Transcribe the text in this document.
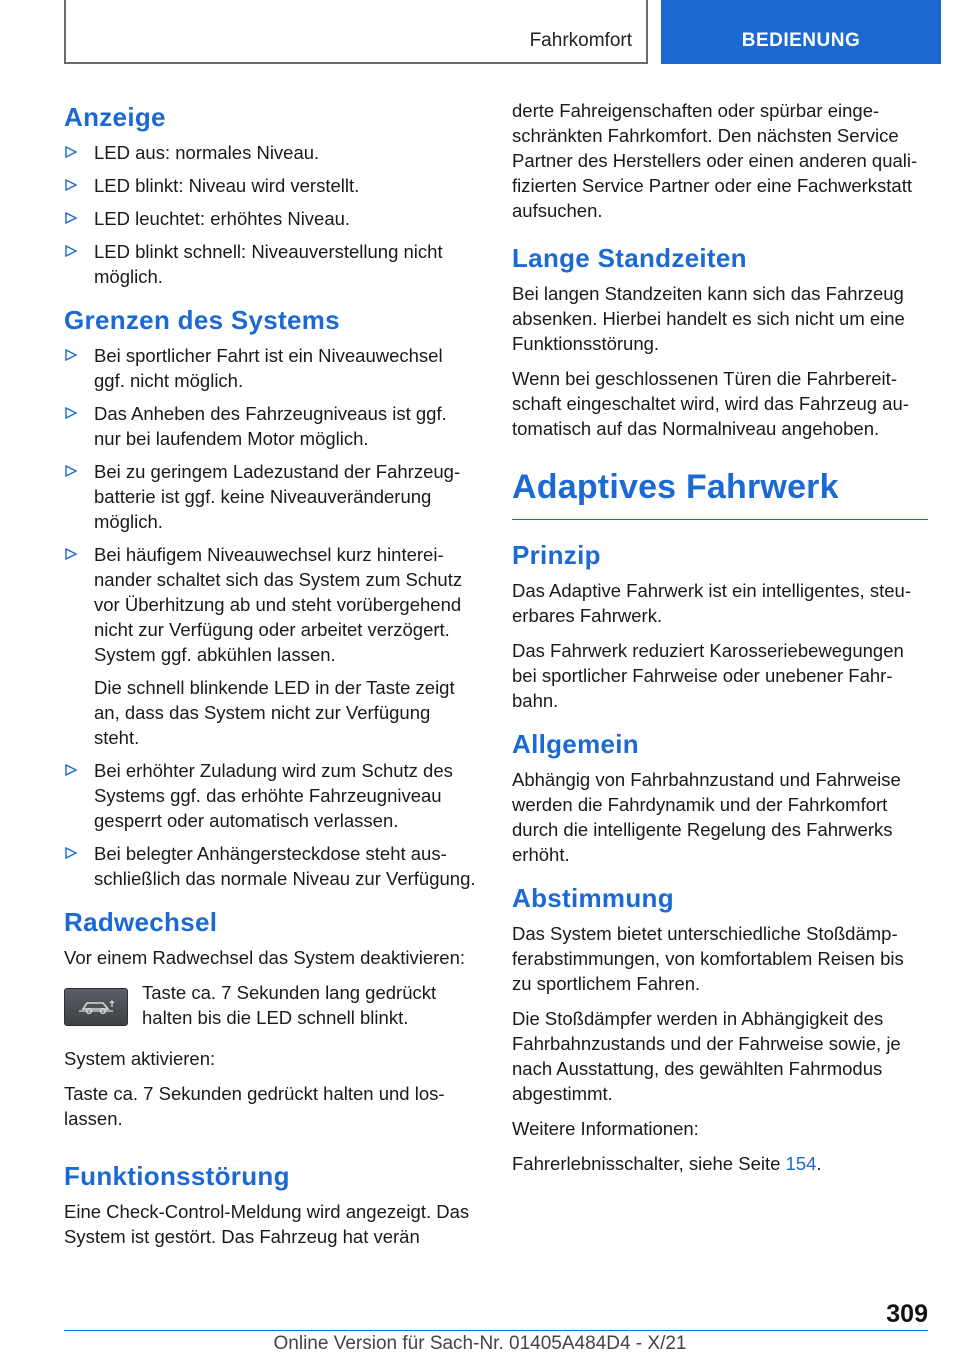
Fahrkomfort	BEDIENUNG
Anzeige
LED aus: normales Niveau.
LED blinkt: Niveau wird verstellt.
LED leuchtet: erhöhtes Niveau.
LED blinkt schnell: Niveauverstellung nicht möglich.
Grenzen des Systems
Bei sportlicher Fahrt ist ein Niveauwechsel ggf. nicht möglich.
Das Anheben des Fahrzeugniveaus ist ggf. nur bei laufendem Motor möglich.
Bei zu geringem Ladezustand der Fahrzeugbatterie ist ggf. keine Niveauveränderung möglich.
Bei häufigem Niveauwechsel kurz hintereinander schaltet sich das System zum Schutz vor Überhitzung ab und steht vorübergehend nicht zur Verfügung oder arbeitet verzögert. System ggf. abkühlen lassen.

Die schnell blinkende LED in der Taste zeigt an, dass das System nicht zur Verfügung steht.

Bei erhöhter Zuladung wird zum Schutz des Systems ggf. das erhöhte Fahrzeugniveau gesperrt oder automatisch verlassen.
Bei belegter Anhängersteckdose steht ausschließlich das normale Niveau zur Verfügung.
Radwechsel

Vor einem Radwechsel das System deaktivieren:

Taste ca. 7 Sekunden lang gedrückt halten bis die LED schnell blinkt.

System aktivieren:

Taste ca. 7 Sekunden gedrückt halten und loslassen.

Funktionsstörung

Eine Check-Control-Meldung wird angezeigt. Das System ist gestört. Das Fahrzeug hat verän

derte Fahreigenschaften oder spürbar eingeschränkten Fahrkomfort. Den nächsten Service Partner des Herstellers oder einen anderen qualifizierten Service Partner oder eine Fachwerkstatt aufsuchen.

Lange Standzeiten

Bei langen Standzeiten kann sich das Fahrzeug absenken. Hierbei handelt es sich nicht um eine Funktionsstörung.

Wenn bei geschlossenen Türen die Fahrbereitschaft eingeschaltet wird, wird das Fahrzeug automatisch auf das Normalniveau angehoben.

Adaptives Fahrwerk
Prinzip

Das Adaptive Fahrwerk ist ein intelligentes, steuerbares Fahrwerk.

Das Fahrwerk reduziert Karosseriebewegungen bei sportlicher Fahrweise oder unebener Fahrbahn.

Allgemein

Abhängig von Fahrbahnzustand und Fahrweise werden die Fahrdynamik und der Fahrkomfort durch die intelligente Regelung des Fahrwerks erhöht.

Abstimmung

Das System bietet unterschiedliche Stoßdämpferabstimmungen, von komfortablem Reisen bis zu sportlichem Fahren.

Die Stoßdämpfer werden in Abhängigkeit des Fahrbahnzustands und der Fahrweise sowie, je nach Ausstattung, des gewählten Fahrmodus abgestimmt.

Weitere Informationen:

Fahrerlebnisschalter, siehe Seite 154.

309
Online Version für Sach-Nr. 01405A484D4 - X/21
